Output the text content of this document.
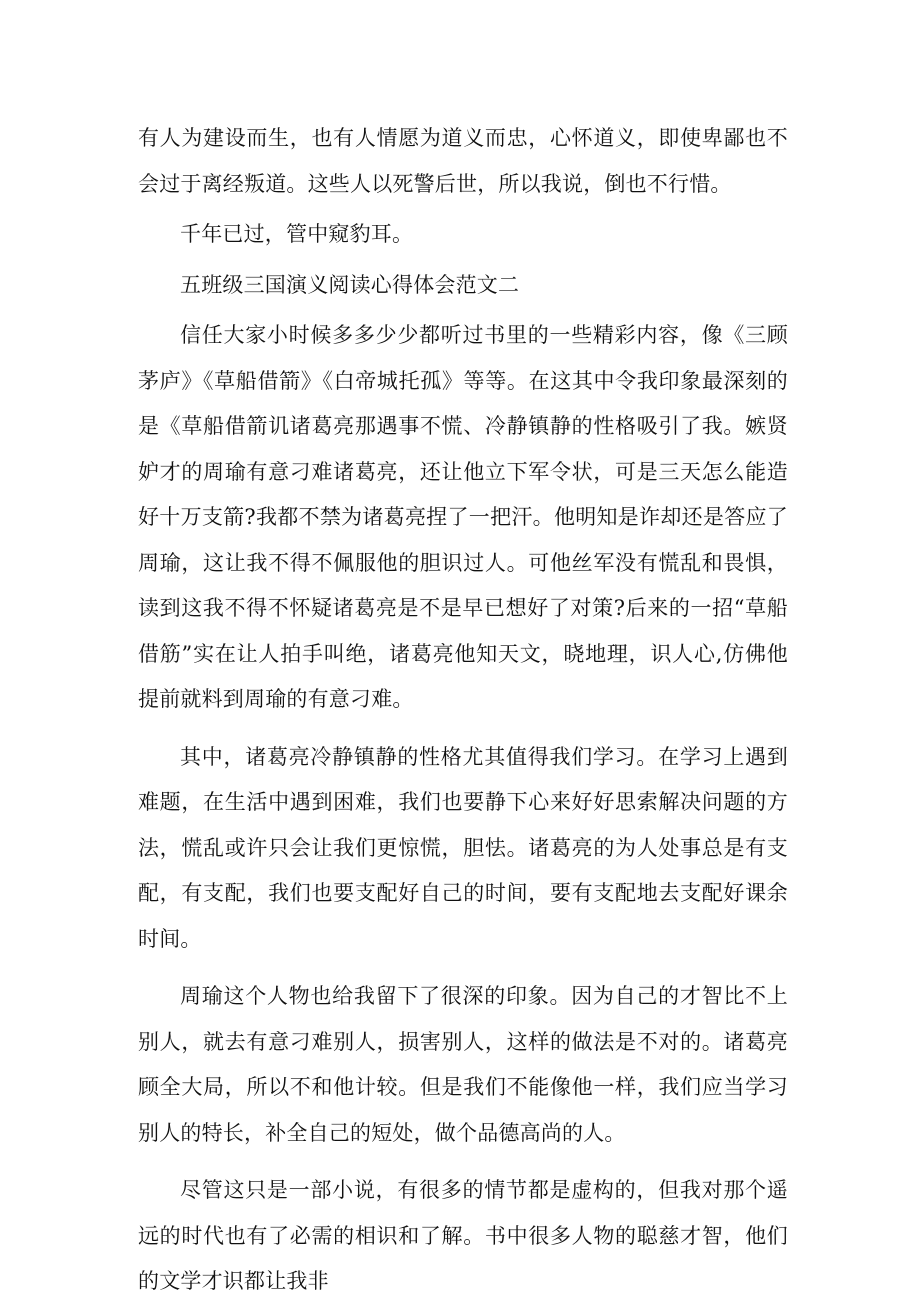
有人为建设而生，也有人情愿为道义而忠，心怀道义，即使卑鄙也不会过于离经叛道。这些人以死警后世，所以我说，倒也不行惜。

千年已过，管中窥豹耳。

五班级三国演义阅读心得体会范文二

信任大家小时候多多少少都听过书里的一些精彩内容，像《三顾茅庐》《草船借箭》《白帝城托孤》等等。在这其中令我印象最深刻的是《草船借箭讥诸葛亮那遇事不慌、冷静镇静的性格吸引了我。嫉贤妒才的周瑜有意刁难诸葛亮，还让他立下军令状，可是三天怎么能造好十万支箭?我都不禁为诸葛亮捏了一把汗。他明知是诈却还是答应了周瑜，这让我不得不佩服他的胆识过人。可他丝军没有慌乱和畏惧，读到这我不得不怀疑诸葛亮是不是早已想好了对策?后来的一招“草船借筋”实在让人拍手叫绝，诸葛亮他知天文，晓地理，识人心,仿佛他提前就料到周瑜的有意刁难。

其中，诸葛亮冷静镇静的性格尤其值得我们学习。在学习上遇到难题，在生活中遇到困难，我们也要静下心来好好思索解决问题的方法，慌乱或许只会让我们更惊慌，胆怯。诸葛亮的为人处事总是有支配，有支配，我们也要支配好自己的时间，要有支配地去支配好课余时间。

周瑜这个人物也给我留下了很深的印象。因为自己的才智比不上别人，就去有意刁难别人，损害别人，这样的做法是不对的。诸葛亮顾全大局，所以不和他计较。但是我们不能像他一样，我们应当学习别人的特长，补全自己的短处，做个品德高尚的人。

尽管这只是一部小说，有很多的情节都是虚构的，但我对那个遥远的时代也有了必需的相识和了解。书中很多人物的聪慈才智，他们的文学才识都让我非
